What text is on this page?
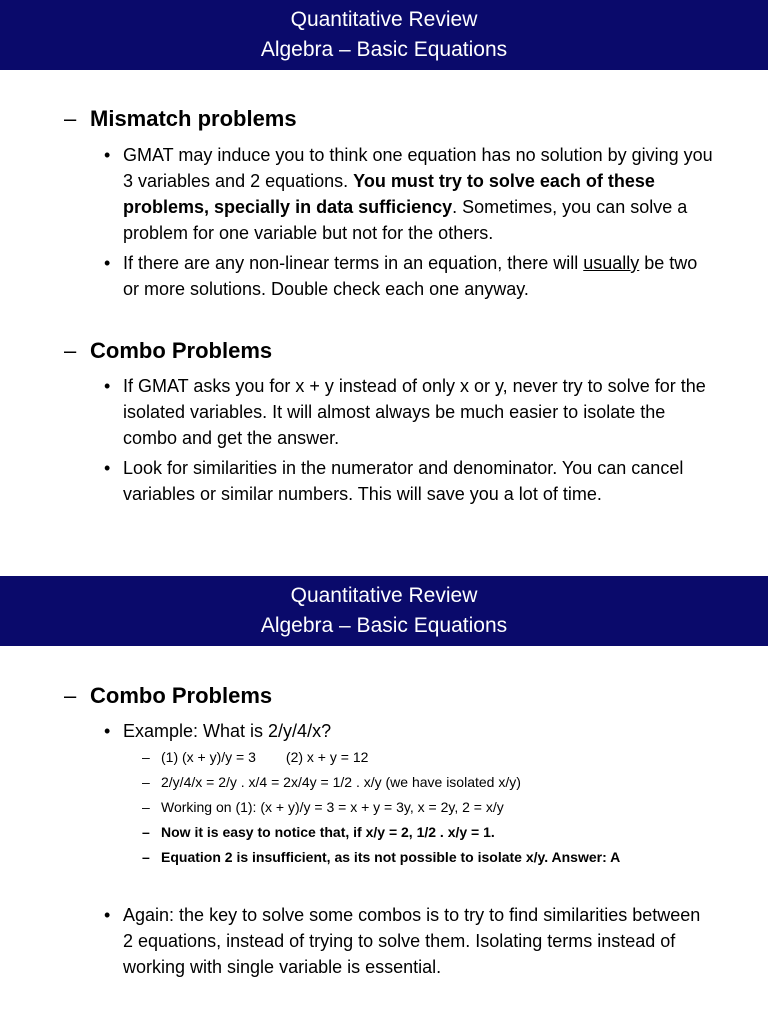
Quantitative Review
Algebra – Basic Equations
– Mismatch problems
• GMAT may induce you to think one equation has no solution by giving you 3 variables and 2 equations. You must try to solve each of these problems, specially in data sufficiency. Sometimes, you can solve a problem for one variable but not for the others.
• If there are any non-linear terms in an equation, there will usually be two or more solutions. Double check each one anyway.
– Combo Problems
• If GMAT asks you for x + y instead of only x or y, never try to solve for the isolated variables. It will almost always be much easier to isolate the combo and get the answer.
• Look for similarities in the numerator and denominator. You can cancel variables or similar numbers. This will save you a lot of time.
Quantitative Review
Algebra – Basic Equations
– Combo Problems
• Example: What is 2/y/4/x?
– (1) (x + y)/y = 3 (2) x + y = 12
– 2/y/4/x = 2/y . x/4 = 2x/4y = 1/2 . x/y (we have isolated x/y)
– Working on (1): (x + y)/y = 3 = x + y = 3y, x = 2y, 2 = x/y
– Now it is easy to notice that, if x/y = 2, 1/2 . x/y = 1.
– Equation 2 is insufficient, as its not possible to isolate x/y. Answer: A
• Again: the key to solve some combos is to try to find similarities between 2 equations, instead of trying to solve them. Isolating terms instead of working with single variable is essential.
